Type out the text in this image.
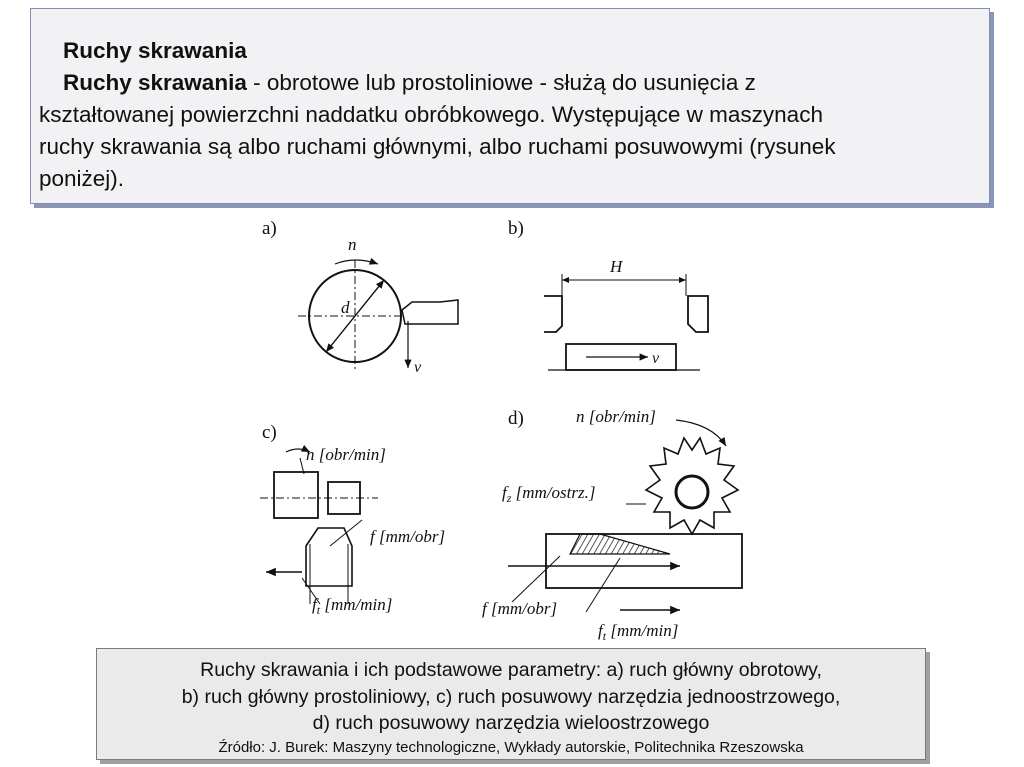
Ruchy skrawania
Ruchy skrawania - obrotowe lub prostoliniowe - służą do usunięcia z
kształtowanej powierzchni naddatku obróbkowego. Występujące w maszynach
ruchy skrawania są albo ruchami głównymi, albo ruchami posuwowymi (rysunek
poniżej).
a)
d
n
v
b)
H
v
c)
n [obr/min]
f [mm/obr]
$f_t$ [mm/min]
d)	n [obr/min]
$f_z$ [mm/ostrz.]
f [mm/obr]
$f_t$ [mm/min]
Ruchy skrawania i ich podstawowe parametry: a) ruch główny obrotowy,
b) ruch główny prostoliniowy, c) ruch posuwowy narzędzia jednoostrzowego,
d) ruch posuwowy narzędzia wieloostrzowego
Źródło: J. Burek: Maszyny technologiczne, Wykłady autorskie, Politechnika Rzeszowska
